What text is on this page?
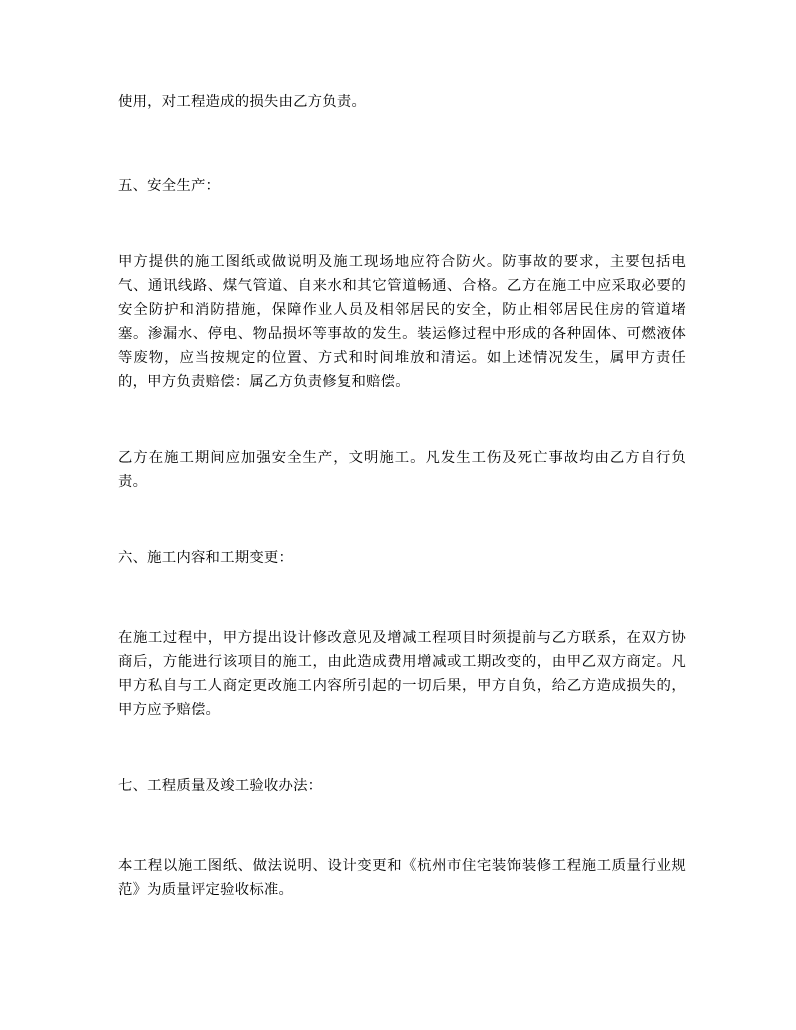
使用，对工程造成的损失由乙方负责。

五、安全生产：

甲方提供的施工图纸或做说明及施工现场地应符合防火。防事故的要求，主要包括电气、通讯线路、煤气管道、自来水和其它管道畅通、合格。乙方在施工中应采取必要的安全防护和消防措施，保障作业人员及相邻居民的安全，防止相邻居民住房的管道堵塞。渗漏水、停电、物品损坏等事故的发生。装运修过程中形成的各种固体、可燃液体等废物，应当按规定的位置、方式和时间堆放和清运。如上述情况发生，属甲方责任的，甲方负责赔偿：属乙方负责修复和赔偿。

乙方在施工期间应加强安全生产，文明施工。凡发生工伤及死亡事故均由乙方自行负责。

六、施工内容和工期变更：

在施工过程中，甲方提出设计修改意见及增减工程项目时须提前与乙方联系，在双方协商后，方能进行该项目的施工，由此造成费用增减或工期改变的，由甲乙双方商定。凡甲方私自与工人商定更改施工内容所引起的一切后果，甲方自负，给乙方造成损失的，甲方应予赔偿。

七、工程质量及竣工验收办法：

本工程以施工图纸、做法说明、设计变更和《杭州市住宅装饰装修工程施工质量行业规范》为质量评定验收标准。
